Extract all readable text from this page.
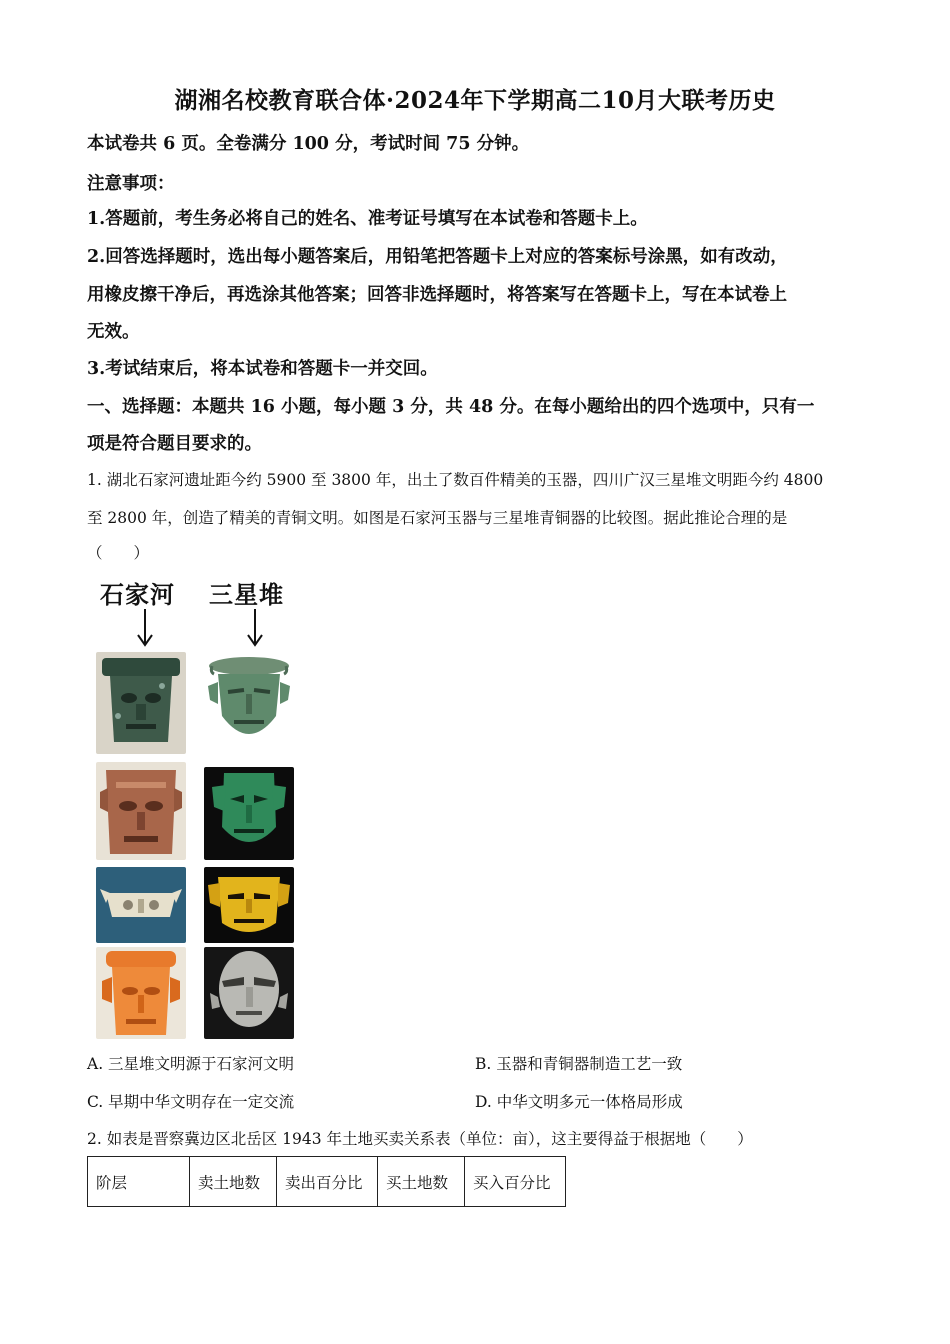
湖湘名校教育联合体·2024年下学期高二10月大联考历史
本试卷共 6 页。全卷满分 100 分，考试时间 75 分钟。
注意事项：
1.答题前，考生务必将自己的姓名、准考证号填写在本试卷和答题卡上。
2.回答选择题时，选出每小题答案后，用铅笔把答题卡上对应的答案标号涂黑，如有改动，
用橡皮擦干净后，再选涂其他答案；回答非选择题时，将答案写在答题卡上，写在本试卷上
无效。
3.考试结束后，将本试卷和答题卡一并交回。
一、选择题：本题共 16 小题，每小题 3 分，共 48 分。在每小题给出的四个选项中，只有一
项是符合题目要求的。
1. 湖北石家河遗址距今约 5900 至 3800 年，出土了数百件精美的玉器，四川广汉三星堆文明距今约 4800
至 2800 年，创造了精美的青铜文明。如图是石家河玉器与三星堆青铜器的比较图。据此推论合理的是
（　　）
石家河 三星堆
A. 三星堆文明源于石家河文明	B. 玉器和青铜器制造工艺一致
C. 早期中华文明存在一定交流	D. 中华文明多元一体格局形成
2. 如表是晋察冀边区北岳区 1943 年土地买卖关系表（单位：亩），这主要得益于根据地（　　）
阶层	卖土地数	卖出百分比	买土地数	买入百分比
